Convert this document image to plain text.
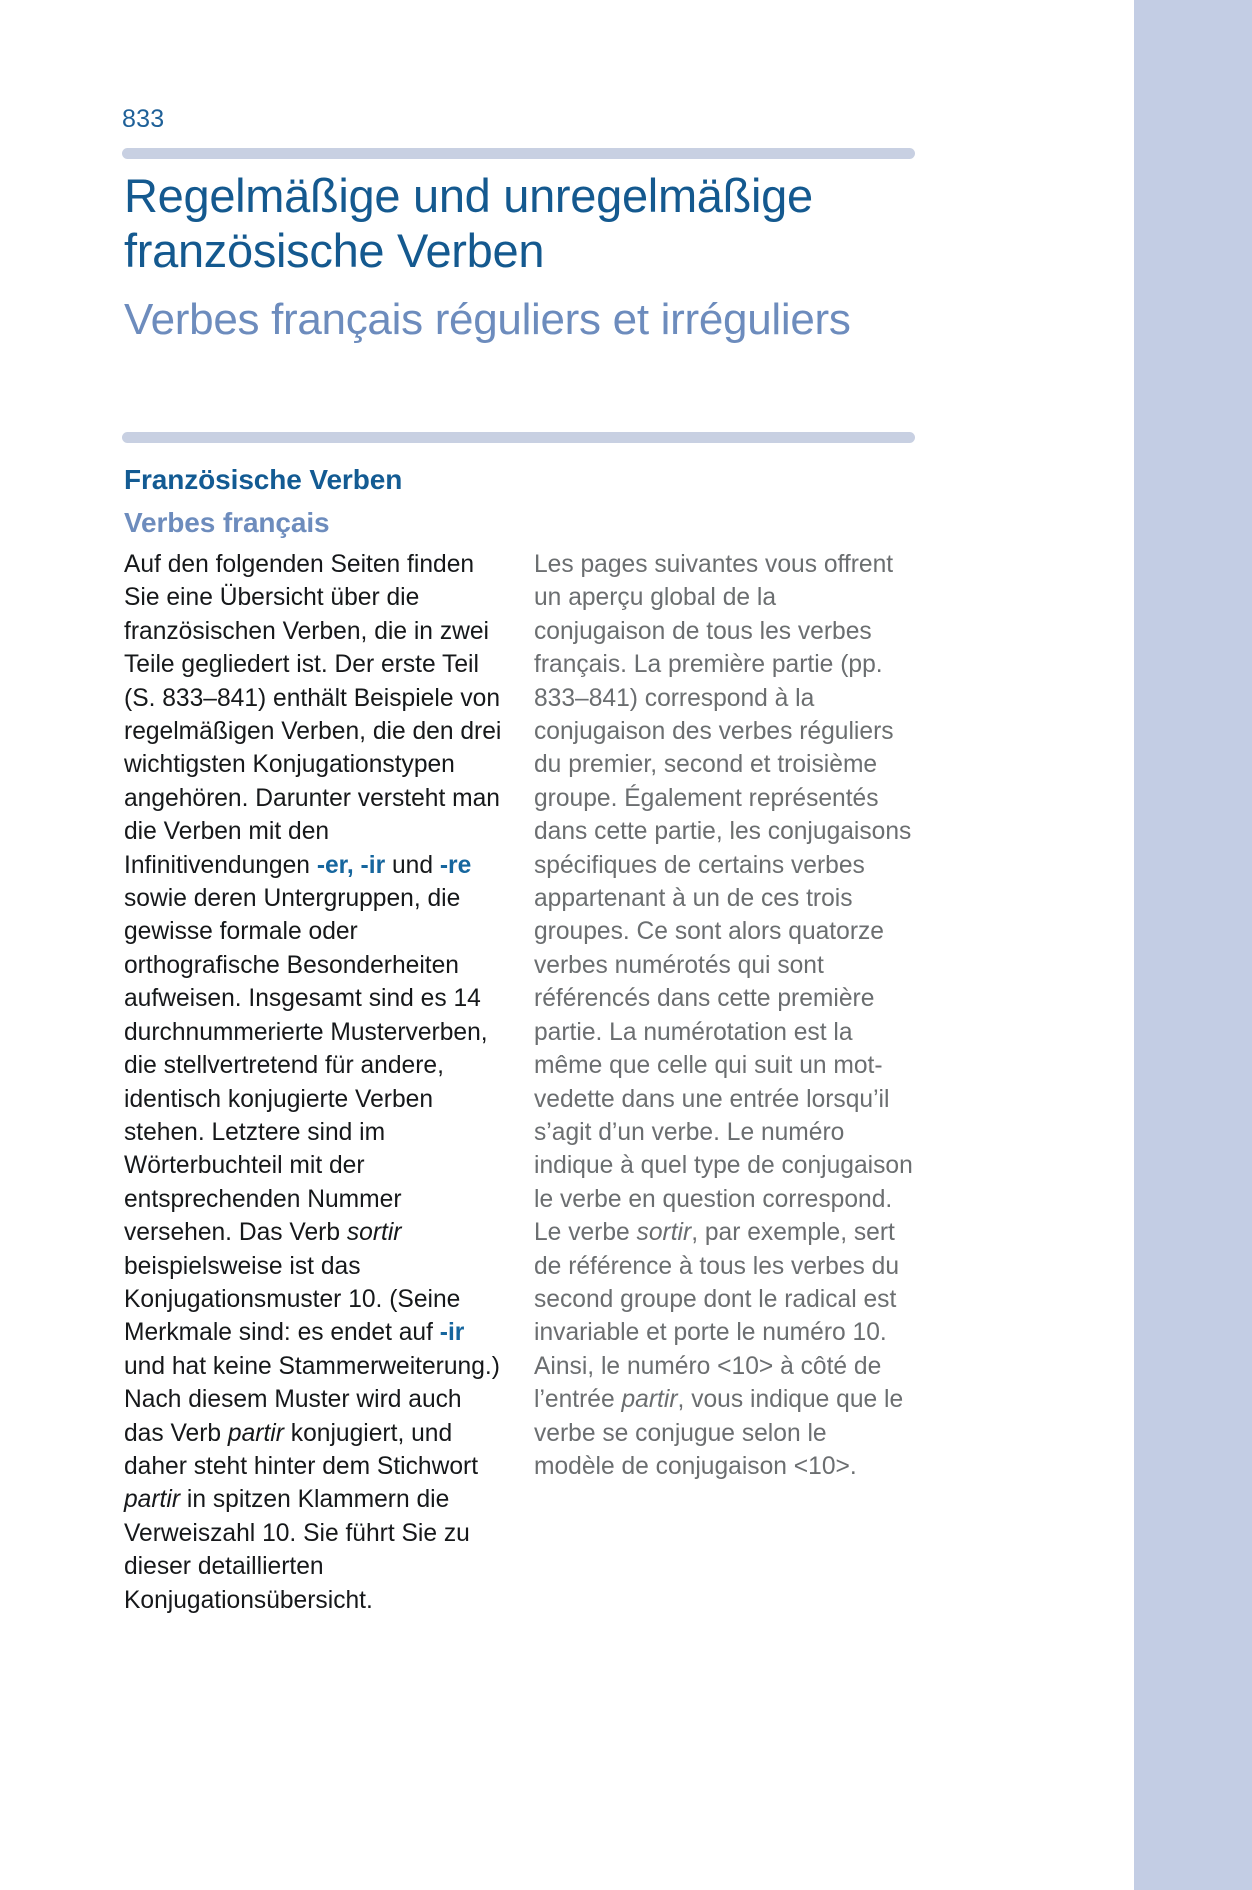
833
Regelmäßige und unregelmäßige französische Verben
Verbes français réguliers et irréguliers
Französische Verben
Verbes français

Auf den folgenden Seiten finden Sie eine Übersicht über die französischen Verben, die in zwei Teile gegliedert ist. Der erste Teil (S. 833–841) enthält Beispiele von regelmäßigen Verben, die den drei wichtigsten Konjugationstypen angehören. Darunter versteht man die Verben mit den Infinitivendungen -er, -ir und -re sowie deren Untergruppen, die gewisse formale oder orthografische Besonderheiten aufweisen. Insgesamt sind es 14 durchnummerierte Musterverben, die stellvertretend für andere, identisch konjugierte Verben stehen. Letztere sind im Wörterbuchteil mit der entsprechenden Nummer versehen. Das Verb sortir beispielsweise ist das Konjugationsmuster 10. (Seine Merkmale sind: es endet auf -ir und hat keine Stammerweiterung.) Nach diesem Muster wird auch das Verb partir konjugiert, und daher steht hinter dem Stichwort partir in spitzen Klammern die Verweiszahl 10. Sie führt Sie zu dieser detaillierten Konjugationsübersicht.

Les pages suivantes vous offrent un aperçu global de la conjugaison de tous les verbes français. La première partie (pp. 833–841) correspond à la conjugaison des verbes réguliers du premier, second et troisième groupe. Également représentés dans cette partie, les conjugaisons spécifiques de certains verbes appartenant à un de ces trois groupes. Ce sont alors quatorze verbes numérotés qui sont référencés dans cette première partie. La numérotation est la même que celle qui suit un mot-vedette dans une entrée lorsqu’il s’agit d’un verbe. Le numéro indique à quel type de conjugaison le verbe en question correspond. Le verbe sortir, par exemple, sert de référence à tous les verbes du second groupe dont le radical est invariable et porte le numéro 10. Ainsi, le numéro <10> à côté de l’entrée partir, vous indique que le verbe se conjugue selon le modèle de conjugaison <10>.
